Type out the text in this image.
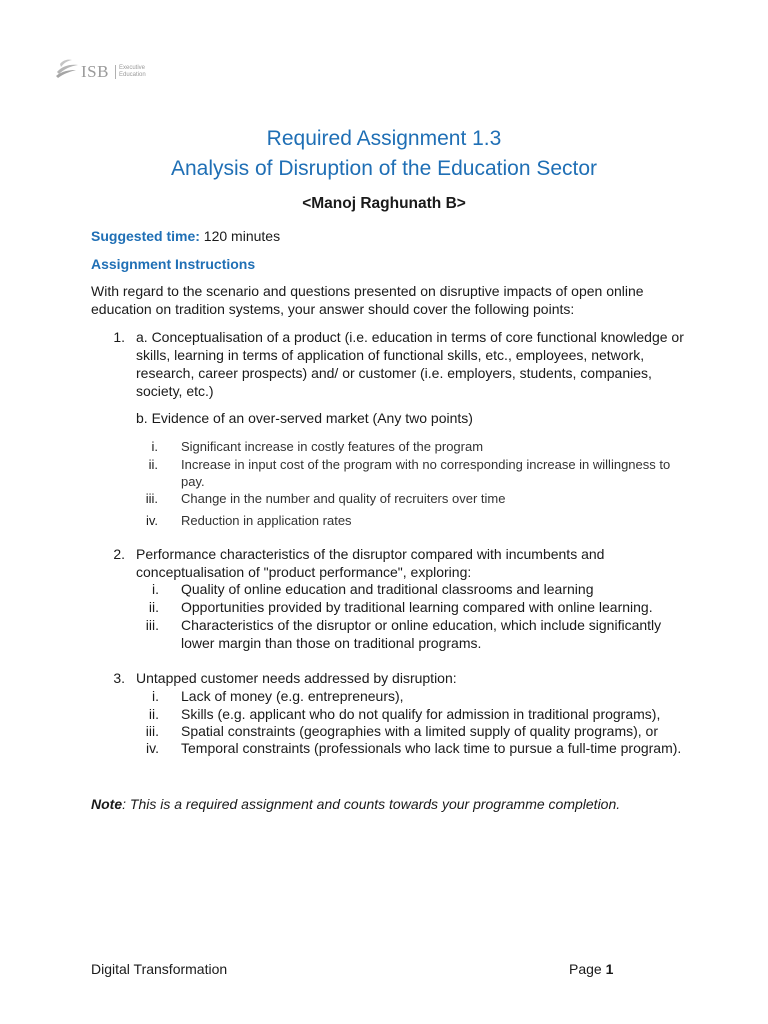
ISB Executive
Education
Required Assignment 1.3
Analysis of Disruption of the Education Sector
<Manoj Raghunath B>
Suggested time: 120 minutes
Assignment Instructions
With regard to the scenario and questions presented on disruptive impacts of open online
education on tradition systems, your answer should cover the following points:
1. a. Conceptualisation of a product (i.e. education in terms of core functional knowledge or
skills, learning in terms of application of functional skills, etc., employees, network,
research, career prospects) and/ or customer (i.e. employers, students, companies,
society, etc.)
b. Evidence of an over-served market (Any two points)
i. Significant increase in costly features of the program
ii. Increase in input cost of the program with no corresponding increase in willingness to
pay.
iii. Change in the number and quality of recruiters over time
iv. Reduction in application rates
2. Performance characteristics of the disruptor compared with incumbents and
conceptualisation of "product performance", exploring:
i. Quality of online education and traditional classrooms and learning
ii. Opportunities provided by traditional learning compared with online learning.
iii. Characteristics of the disruptor or online education, which include significantly
lower margin than those on traditional programs.
3. Untapped customer needs addressed by disruption:
i. Lack of money (e.g. entrepreneurs),
ii. Skills (e.g. applicant who do not qualify for admission in traditional programs),
iii. Spatial constraints (geographies with a limited supply of quality programs), or
iv. Temporal constraints (professionals who lack time to pursue a full-time program).
Note: This is a required assignment and counts towards your programme completion.
Digital Transformation	Page 1
